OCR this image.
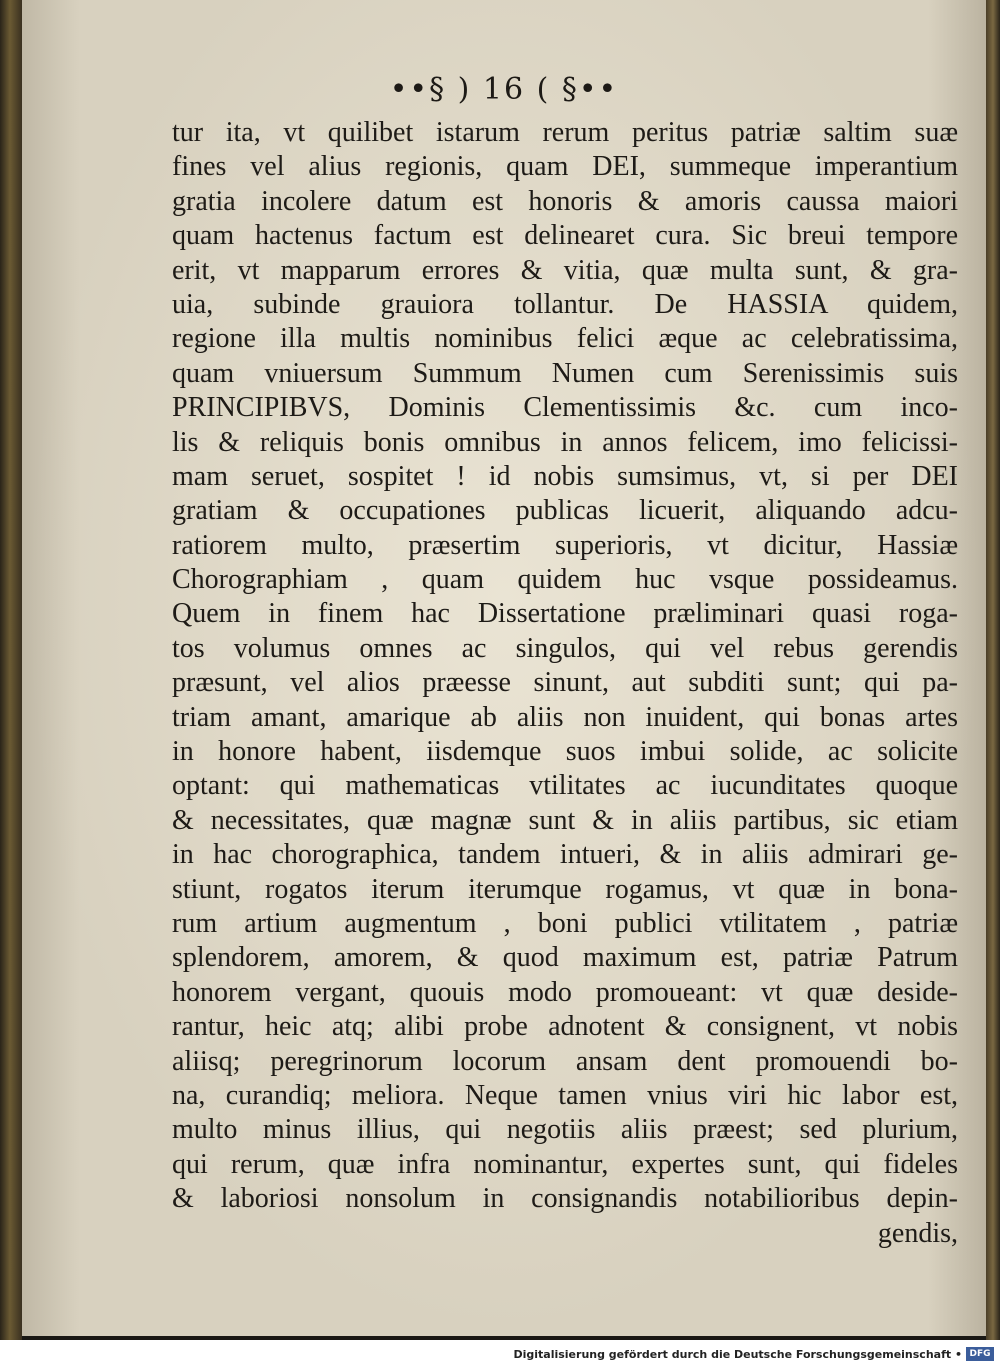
••§ ) 16 ( §••
tur ita, vt quilibet istarum rerum peritus patriæ saltim suæ
fines vel alius regionis, quam DEI, summeque imperantium
gratia incolere datum est honoris & amoris caussa maiori
quam hactenus factum est delinearet cura. Sic breui tempore
erit, vt mapparum errores & vitia, quæ multa sunt, & gra-
uia, subinde grauiora tollantur. De HASSIA quidem,
regione illa multis nominibus felici æque ac celebratissima,
quam vniuersum Summum Numen cum Serenissimis suis
PRINCIPIBVS, Dominis Clementissimis &c. cum inco-
lis & reliquis bonis omnibus in annos felicem, imo felicissi-
mam seruet, sospitet ! id nobis sumsimus, vt, si per DEI
gratiam & occupationes publicas licuerit, aliquando adcu-
ratiorem multo, præsertim superioris, vt dicitur, Hassiæ
Chorographiam , quam quidem huc vsque possideamus.
Quem in finem hac Dissertatione præliminari quasi roga-
tos volumus omnes ac singulos, qui vel rebus gerendis
præsunt, vel alios præesse sinunt, aut subditi sunt; qui pa-
triam amant, amarique ab aliis non inuident, qui bonas artes
in honore habent, iisdemque suos imbui solide, ac solicite
optant: qui mathematicas vtilitates ac iucunditates quoque
& necessitates, quæ magnæ sunt & in aliis partibus, sic etiam
in hac chorographica, tandem intueri, & in aliis admirari ge-
stiunt, rogatos iterum iterumque rogamus, vt quæ in bona-
rum artium augmentum , boni publici vtilitatem , patriæ
splendorem, amorem, & quod maximum est, patriæ Patrum
honorem vergant, quouis modo promoueant: vt quæ deside-
rantur, heic atq; alibi probe adnotent & consignent, vt nobis
aliisq; peregrinorum locorum ansam dent promouendi bo-
na, curandiq; meliora. Neque tamen vnius viri hic labor est,
multo minus illius, qui negotiis aliis præest; sed plurium,
qui rerum, quæ infra nominantur, expertes sunt, qui fideles
& laboriosi nonsolum in consignandis notabilioribus depin-
gendis,
Digitalisierung gefördert durch die Deutsche Forschungsgemeinschaft • DFG
